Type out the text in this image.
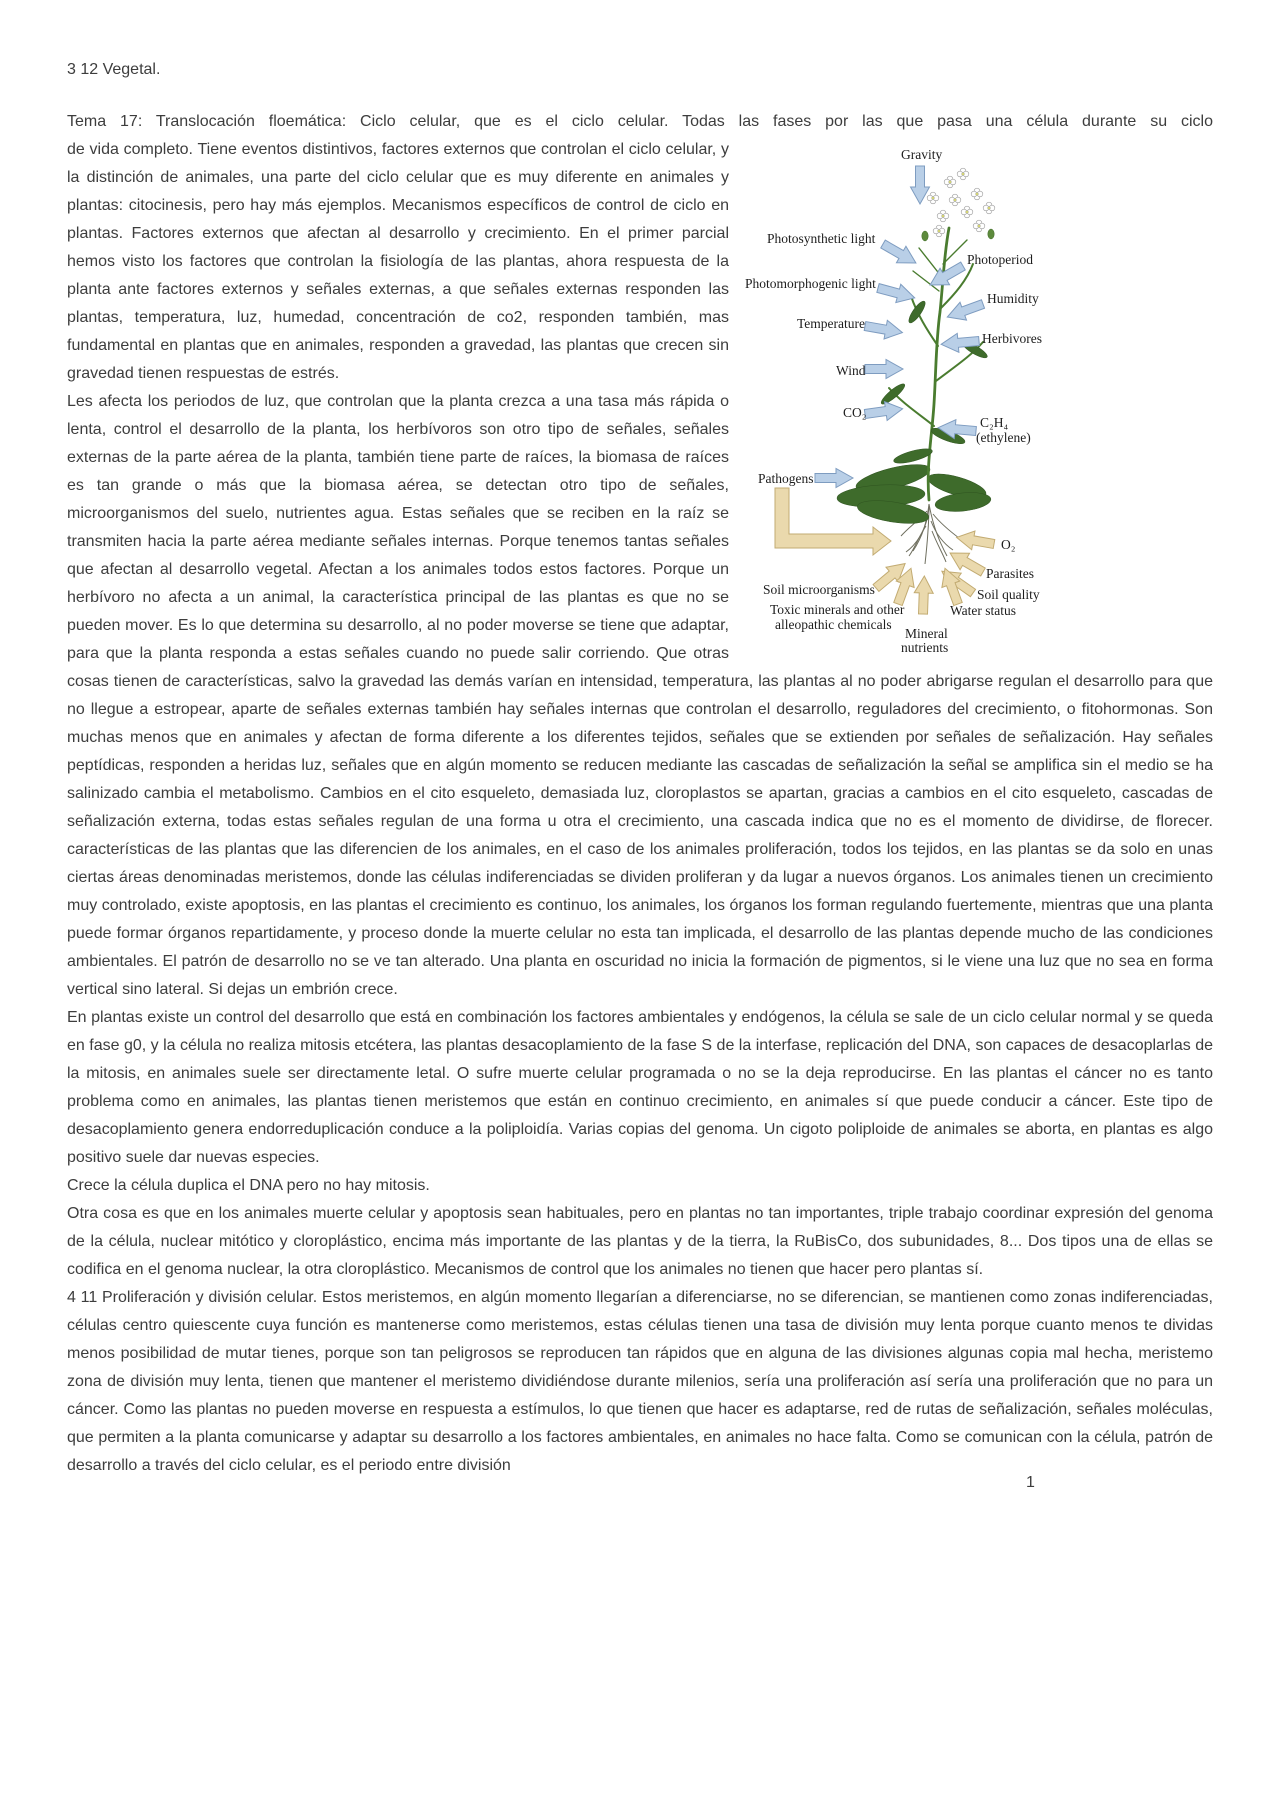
3 12 Vegetal.
Tema 17: Translocación floemática: Ciclo celular, que es el ciclo celular. Todas las fases por las que pasa una célula durante su ciclo
Gravity
Photosynthetic light
Photoperiod
Photomorphogenic light
Humidity
Temperature
Herbivores
Wind
CO₂
C₂H₄
(ethylene)
Pathogens
O₂
Parasites
Soil microorganisms	Soil quality
Toxic minerals and other
alleopathic chemicals
Water status
Mineral
nutrients

de vida completo. Tiene eventos distintivos, factores externos que controlan el ciclo celular, y la distinción de animales, una parte del ciclo celular que es muy diferente en animales y plantas: citocinesis, pero hay más ejemplos. Mecanismos específicos de control de ciclo en plantas. Factores externos que afectan al desarrollo y crecimiento. En el primer parcial hemos visto los factores que controlan la fisiología de las plantas, ahora respuesta de la planta ante factores externos y señales externas, a que señales externas responden las plantas, temperatura, luz, humedad, concentración de co2, responden también, mas fundamental en plantas que en animales, responden a gravedad, las plantas que crecen sin gravedad tienen respuestas de estrés.

Les afecta los periodos de luz, que controlan que la planta crezca a una tasa más rápida o lenta, control el desarrollo de la planta, los herbívoros son otro tipo de señales, señales externas de la parte aérea de la planta, también tiene parte de raíces, la biomasa de raíces es tan grande o más que la biomasa aérea, se detectan otro tipo de señales, microorganismos del suelo, nutrientes agua. Estas señales que se reciben en la raíz se transmiten hacia la parte aérea mediante señales internas. Porque tenemos tantas señales que afectan al desarrollo vegetal. Afectan a los animales todos estos factores. Porque un herbívoro no afecta a un animal, la característica principal de las plantas es que no se pueden mover. Es lo que determina su desarrollo, al no poder moverse se tiene que adaptar, para que la planta responda a estas señales cuando no puede salir corriendo. Que otras cosas tienen de características, salvo la gravedad las demás varían en intensidad, temperatura, las plantas al no poder abrigarse regulan el desarrollo para que no llegue a estropear, aparte de señales externas también hay señales internas que controlan el desarrollo, reguladores del crecimiento, o fitohormonas. Son muchas menos que en animales y afectan de forma diferente a los diferentes tejidos, señales que se extienden por señales de señalización. Hay señales peptídicas, responden a heridas luz, señales que en algún momento se reducen mediante las cascadas de señalización la señal se amplifica sin el medio se ha salinizado cambia el metabolismo. Cambios en el cito esqueleto, demasiada luz, cloroplastos se apartan, gracias a cambios en el cito esqueleto, cascadas de señalización externa, todas estas señales regulan de una forma u otra el crecimiento, una cascada indica que no es el momento de dividirse, de florecer. características de las plantas que las diferencien de los animales, en el caso de los animales proliferación, todos los tejidos, en las plantas se da solo en unas ciertas áreas denominadas meristemos, donde las células indiferenciadas se dividen proliferan y da lugar a nuevos órganos. Los animales tienen un crecimiento muy controlado, existe apoptosis, en las plantas el crecimiento es continuo, los animales, los órganos los forman regulando fuertemente, mientras que una planta puede formar órganos repartidamente, y proceso donde la muerte celular no esta tan implicada, el desarrollo de las plantas depende mucho de las condiciones ambientales. El patrón de desarrollo no se ve tan alterado. Una planta en oscuridad no inicia la formación de pigmentos, si le viene una luz que no sea en forma vertical sino lateral. Si dejas un embrión crece.

En plantas existe un control del desarrollo que está en combinación los factores ambientales y endógenos, la célula se sale de un ciclo celular normal y se queda en fase g0, y la célula no realiza mitosis etcétera, las plantas desacoplamiento de la fase S de la interfase, replicación del DNA, son capaces de desacoplarlas de la mitosis, en animales suele ser directamente letal. O sufre muerte celular programada o no se la deja reproducirse. En las plantas el cáncer no es tanto problema como en animales, las plantas tienen meristemos que están en continuo crecimiento, en animales sí que puede conducir a cáncer. Este tipo de desacoplamiento genera endorreduplicación conduce a la poliploidía. Varias copias del genoma. Un cigoto poliploide de animales se aborta, en plantas es algo positivo suele dar nuevas especies.

Crece la célula duplica el DNA pero no hay mitosis.

Otra cosa es que en los animales muerte celular y apoptosis sean habituales, pero en plantas no tan importantes, triple trabajo coordinar expresión del genoma de la célula, nuclear mitótico y cloroplástico, encima más importante de las plantas y de la tierra, la RuBisCo, dos subunidades, 8... Dos tipos una de ellas se codifica en el genoma nuclear, la otra cloroplástico. Mecanismos de control que los animales no tienen que hacer pero plantas sí.

4 11 Proliferación y división celular. Estos meristemos, en algún momento llegarían a diferenciarse, no se diferencian, se mantienen como zonas indiferenciadas, células centro quiescente cuya función es mantenerse como meristemos, estas células tienen una tasa de división muy lenta porque cuanto menos te dividas menos posibilidad de mutar tienes, porque son tan peligrosos se reproducen tan rápidos que en alguna de las divisiones algunas copia mal hecha, meristemo zona de división muy lenta, tienen que mantener el meristemo dividiéndose durante milenios, sería una proliferación así sería una proliferación que no para un cáncer. Como las plantas no pueden moverse en respuesta a estímulos, lo que tienen que hacer es adaptarse, red de rutas de señalización, señales moléculas, que permiten a la planta comunicarse y adaptar su desarrollo a los factores ambientales, en animales no hace falta. Como se comunican con la célula, patrón de desarrollo a través del ciclo celular, es el periodo entre división

1
